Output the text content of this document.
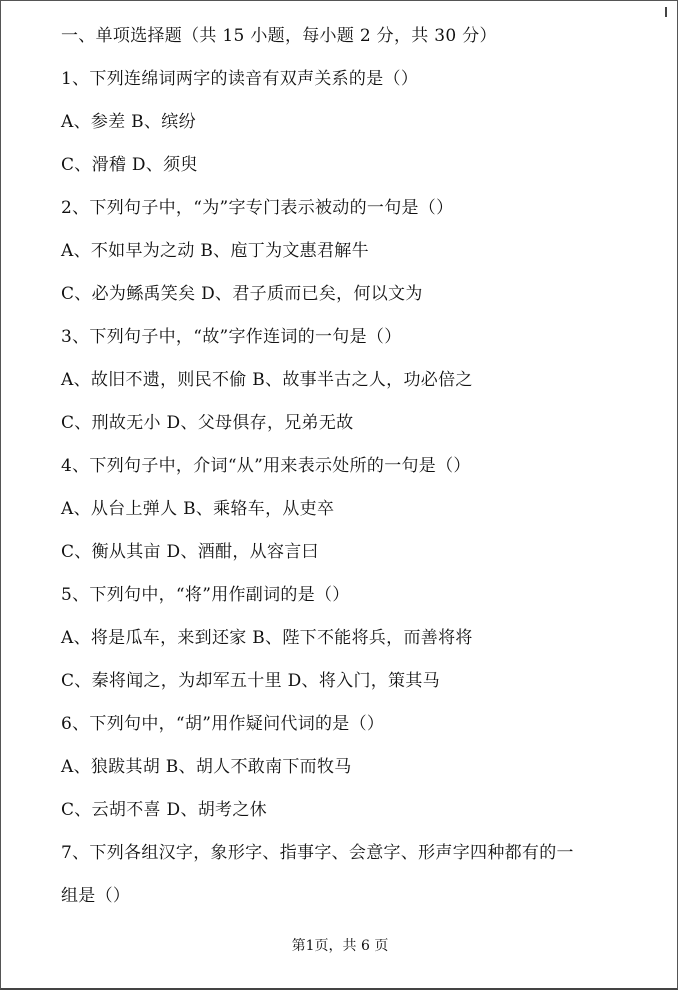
一、单项选择题（共 15 小题，每小题 2 分，共 30 分）
1、下列连绵词两字的读音有双声关系的是（）
A、参差 B、缤纷
C、滑稽 D、须臾
2、下列句子中，“为”字专门表示被动的一句是（）
A、不如早为之动 B、庖丁为文惠君解牛
C、必为鲧禹笑矣 D、君子质而已矣，何以文为
3、下列句子中，“故”字作连词的一句是（）
A、故旧不遗，则民不偷 B、故事半古之人，功必倍之
C、刑故无小 D、父母俱存，兄弟无故
4、下列句子中，介词“从”用来表示处所的一句是（）
A、从台上弹人 B、乘辂车，从吏卒
C、衡从其亩 D、酒酣，从容言曰
5、下列句中，“将”用作副词的是（）
A、将是瓜车，来到还家 B、陛下不能将兵，而善将将
C、秦将闻之，为却军五十里 D、将入门，策其马
6、下列句中，“胡”用作疑问代词的是（）
A、狼跋其胡 B、胡人不敢南下而牧马
C、云胡不喜 D、胡考之休
7、下列各组汉字，象形字、指事字、会意字、形声字四种都有的一
组是（）
第1页，共 6 页
